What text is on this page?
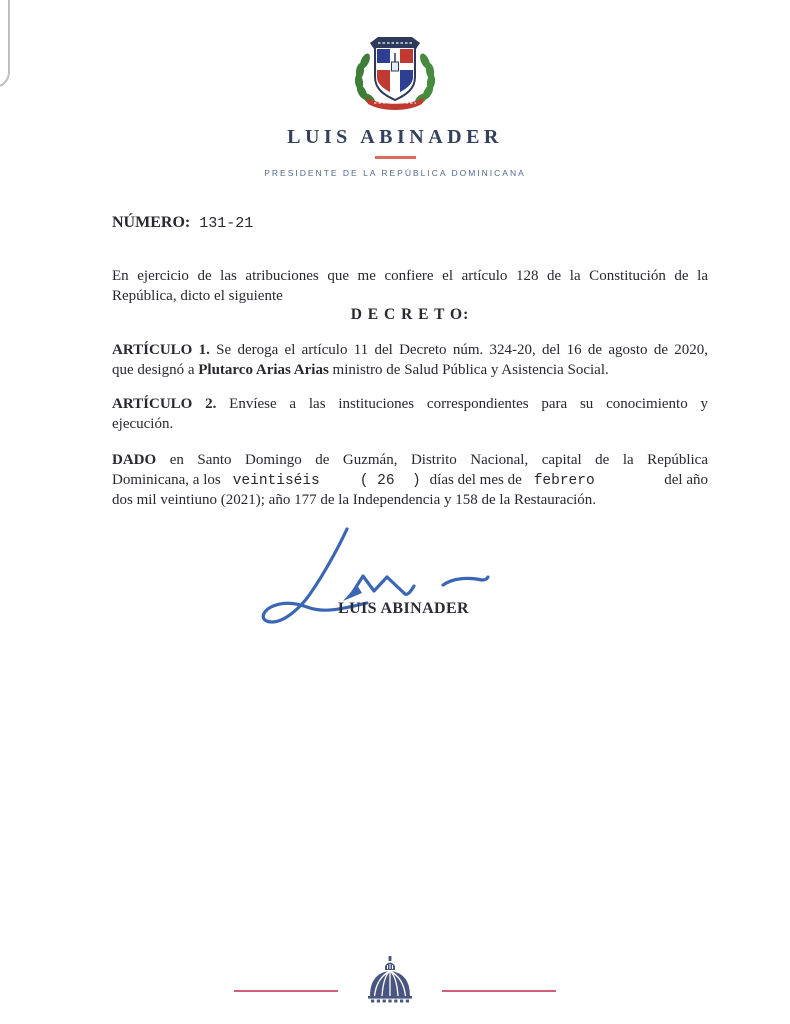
LUIS ABINADER
PRESIDENTE DE LA REPÚBLICA DOMINICANA
NÚMERO: 131-21
En ejercicio de las atribuciones que me confiere el artículo 128 de la Constitución de la
República, dicto el siguiente
D E C R E T O:
ARTÍCULO 1. Se deroga el artículo 11 del Decreto núm. 324-20, del 16 de agosto de 2020,
que designó a Plutarco Arias Arias ministro de Salud Pública y Asistencia Social.
ARTÍCULO 2. Envíese a las instituciones correspondientes para su conocimiento y
ejecución.
DADO en Santo Domingo de Guzmán, Distrito Nacional, capital de la República
Dominicana, a los veintiséis	( 26  ) días del mes de febrero	del año
dos mil veintiuno (2021); año 177 de la Independencia y 158 de la Restauración.
LUIS ABINADER
